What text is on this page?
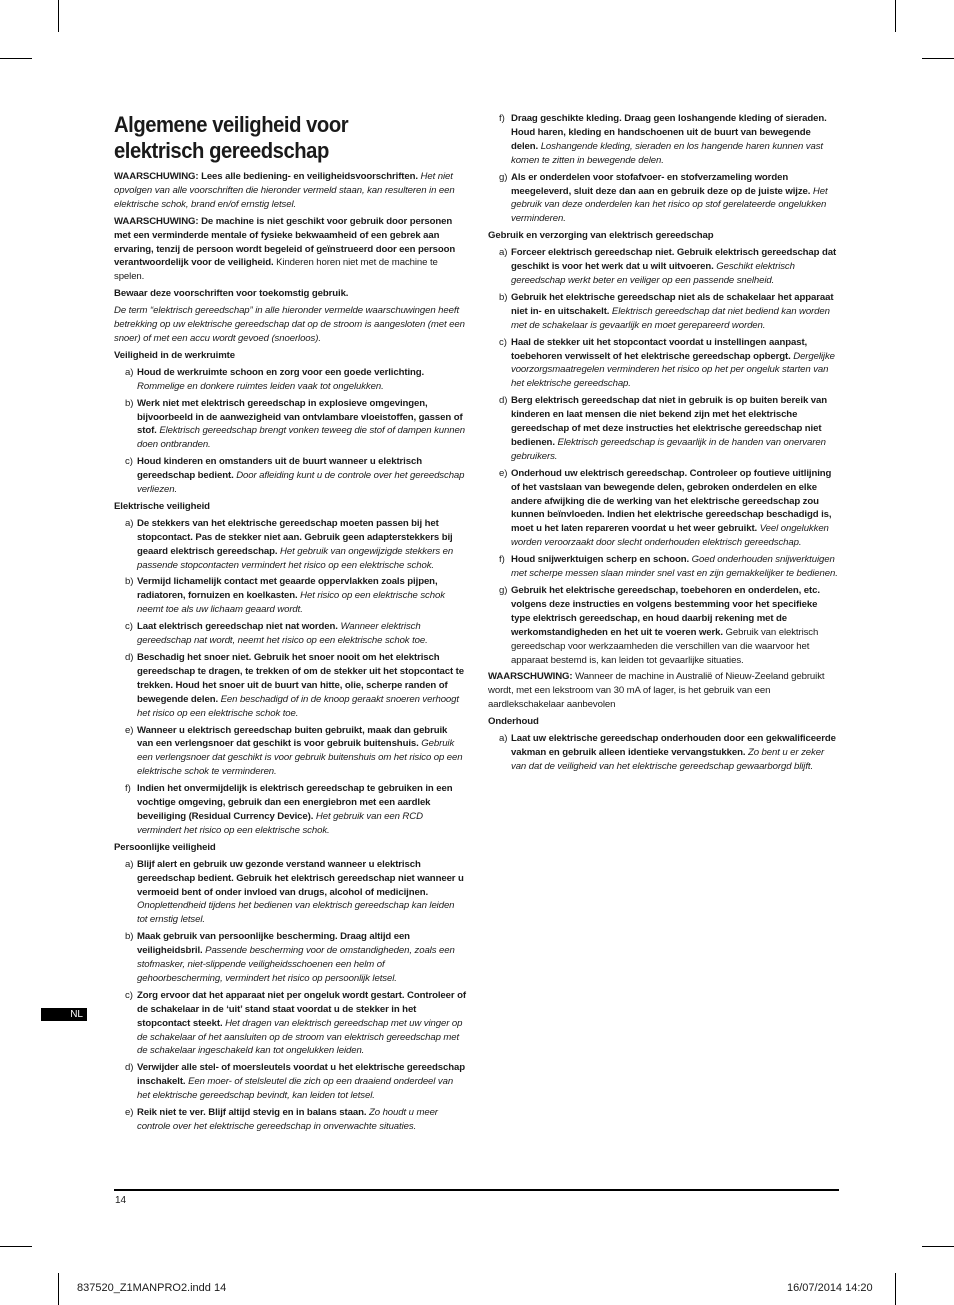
Algemene veiligheid voor elektrisch gereedschap

WAARSCHUWING: Lees alle bediening- en veiligheidsvoorschriften. Het niet opvolgen van alle voorschriften die hieronder vermeld staan, kan resulteren in een elektrische schok, brand en/of ernstig letsel.

WAARSCHUWING: De machine is niet geschikt voor gebruik door personen met een verminderde mentale of fysieke bekwaamheid of een gebrek aan ervaring, tenzij de persoon wordt begeleid of geïnstrueerd door een persoon verantwoordelijk voor de veiligheid. Kinderen horen niet met de machine te spelen.

Bewaar deze voorschriften voor toekomstig gebruik.

De term “elektrisch gereedschap” in alle hieronder vermelde waarschuwingen heeft betrekking op uw elektrische gereedschap dat op de stroom is aangesloten (met een snoer) of met een accu wordt gevoed (snoerloos).

Veiligheid in de werkruimte
a) Houd de werkruimte schoon en zorg voor een goede verlichting. Rommelige en donkere ruimtes leiden vaak tot ongelukken.
b) Werk niet met elektrisch gereedschap in explosieve omgevingen, bijvoorbeeld in de aanwezigheid van ontvlambare vloeistoffen, gassen of stof. Elektrisch gereedschap brengt vonken teweeg die stof of dampen kunnen doen ontbranden.
c) Houd kinderen en omstanders uit de buurt wanneer u elektrisch gereedschap bedient. Door afleiding kunt u de controle over het gereedschap verliezen.
Elektrische veiligheid
a) De stekkers van het elektrische gereedschap moeten passen bij het stopcontact. Pas de stekker niet aan. Gebruik geen adapterstekkers bij geaard elektrisch gereedschap. Het gebruik van ongewijzigde stekkers en passende stopcontacten vermindert het risico op een elektrische schok.
b) Vermijd lichamelijk contact met geaarde oppervlakken zoals pijpen, radiatoren, fornuizen en koelkasten. Het risico op een elektrische schok neemt toe als uw lichaam geaard wordt.
c) Laat elektrisch gereedschap niet nat worden. Wanneer elektrisch gereedschap nat wordt, neemt het risico op een elektrische schok toe.
d) Beschadig het snoer niet. Gebruik het snoer nooit om het elektrisch gereedschap te dragen, te trekken of om de stekker uit het stopcontact te trekken. Houd het snoer uit de buurt van hitte, olie, scherpe randen of bewegende delen. Een beschadigd of in de knoop geraakt snoeren verhoogt het risico op een elektrische schok toe.
e) Wanneer u elektrisch gereedschap buiten gebruikt, maak dan gebruik van een verlengsnoer dat geschikt is voor gebruik buitenshuis. Gebruik een verlengsnoer dat geschikt is voor gebruik buitenshuis om het risico op een elektrische schok te verminderen.
f) Indien het onvermijdelijk is elektrisch gereedschap te gebruiken in een vochtige omgeving, gebruik dan een energiebron met een aardlek beveiliging (Residual Currency Device). Het gebruik van een RCD vermindert het risico op een elektrische schok.
Persoonlijke veiligheid
a) Blijf alert en gebruik uw gezonde verstand wanneer u elektrisch gereedschap bedient. Gebruik het elektrisch gereedschap niet wanneer u vermoeid bent of onder invloed van drugs, alcohol of medicijnen. Onoplettendheid tijdens het bedienen van elektrisch gereedschap kan leiden tot ernstig letsel.
b) Maak gebruik van persoonlijke bescherming. Draag altijd een veiligheidsbril. Passende bescherming voor de omstandigheden, zoals een stofmasker, niet-slippende veiligheidsschoenen een helm of gehoorbescherming, vermindert het risico op persoonlijk letsel.
c) Zorg ervoor dat het apparaat niet per ongeluk wordt gestart. Controleer of de schakelaar in de ‘uit’ stand staat voordat u de stekker in het stopcontact steekt. Het dragen van elektrisch gereedschap met uw vinger op de schakelaar of het aansluiten op de stroom van elektrisch gereedschap met de schakelaar ingeschakeld kan tot ongelukken leiden.
d) Verwijder alle stel- of moersleutels voordat u het elektrische gereedschap inschakelt. Een moer- of stelsleutel die zich op een draaiend onderdeel van het elektrische gereedschap bevindt, kan leiden tot letsel.
e) Reik niet te ver. Blijf altijd stevig en in balans staan. Zo houdt u meer controle over het elektrische gereedschap in onverwachte situaties.
f) Draag geschikte kleding. Draag geen loshangende kleding of sieraden. Houd haren, kleding en handschoenen uit de buurt van bewegende delen. Loshangende kleding, sieraden en los hangende haren kunnen vast komen te zitten in bewegende delen.
g) Als er onderdelen voor stofafvoer- en stofverzameling worden meegeleverd, sluit deze dan aan en gebruik deze op de juiste wijze. Het gebruik van deze onderdelen kan het risico op stof gerelateerde ongelukken verminderen.
Gebruik en verzorging van elektrisch gereedschap
a) Forceer elektrisch gereedschap niet. Gebruik elektrisch gereedschap dat geschikt is voor het werk dat u wilt uitvoeren. Geschikt elektrisch gereedschap werkt beter en veiliger op een passende snelheid.
b) Gebruik het elektrische gereedschap niet als de schakelaar het apparaat niet in- en uitschakelt. Elektrisch gereedschap dat niet bediend kan worden met de schakelaar is gevaarlijk en moet gerepareerd worden.
c) Haal de stekker uit het stopcontact voordat u instellingen aanpast, toebehoren verwisselt of het elektrische gereedschap opbergt. Dergelijke voorzorgsmaatregelen verminderen het risico op het per ongeluk starten van het elektrische gereedschap.
d) Berg elektrisch gereedschap dat niet in gebruik is op buiten bereik van kinderen en laat mensen die niet bekend zijn met het elektrische gereedschap of met deze instructies het elektrische gereedschap niet bedienen. Elektrisch gereedschap is gevaarlijk in de handen van onervaren gebruikers.
e) Onderhoud uw elektrisch gereedschap. Controleer op foutieve uitlijning of het vastslaan van bewegende delen, gebroken onderdelen en elke andere afwijking die de werking van het elektrische gereedschap zou kunnen beïnvloeden. Indien het elektrische gereedschap beschadigd is, moet u het laten repareren voordat u het weer gebruikt. Veel ongelukken worden veroorzaakt door slecht onderhouden elektrisch gereedschap.
f) Houd snijwerktuigen scherp en schoon. Goed onderhouden snijwerktuigen met scherpe messen slaan minder snel vast en zijn gemakkelijker te bedienen.
g) Gebruik het elektrische gereedschap, toebehoren en onderdelen, etc. volgens deze instructies en volgens bestemming voor het specifieke type elektrisch gereedschap, en houd daarbij rekening met de werkomstandigheden en het uit te voeren werk. Gebruik van elektrisch gereedschap voor werkzaamheden die verschillen van die waarvoor het apparaat bestemd is, kan leiden tot gevaarlijke situaties.

WAARSCHUWING: Wanneer de machine in Australië of Nieuw-Zeeland gebruikt wordt, met een lekstroom van 30 mA of lager, is het gebruik van een aardlekschakelaar aanbevolen

Onderhoud
a) Laat uw elektrische gereedschap onderhouden door een gekwalificeerde vakman en gebruik alleen identieke vervangstukken. Zo bent u er zeker van dat de veiligheid van het elektrische gereedschap gewaarborgd blijft.
NL
14
837520_Z1MANPRO2.indd 14	16/07/2014 14:20
